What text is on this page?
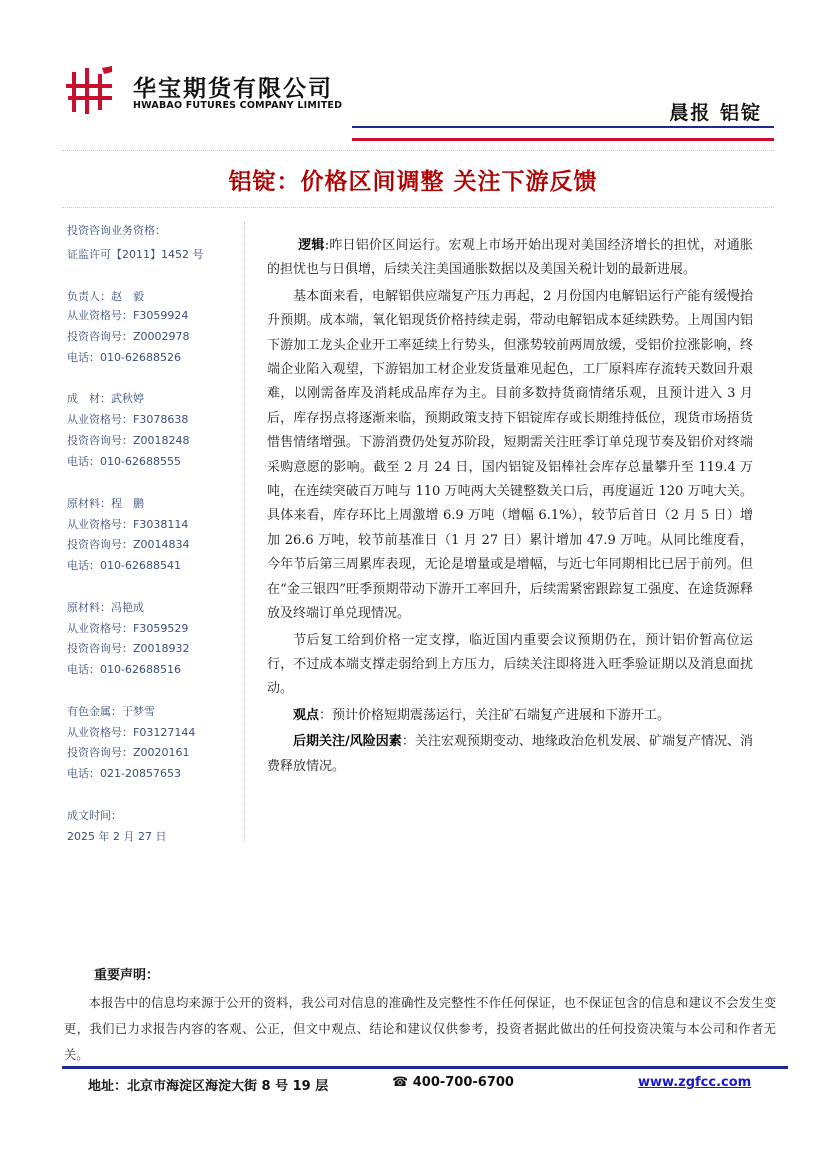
华宝期货有限公司
HWABAO FUTURES COMPANY LIMITED	晨报 铝锭
铝锭：价格区间调整 关注下游反馈
投资咨询业务资格：
证监许可【2011】1452 号
负责人：赵　毅
从业资格号：F3059924
投资咨询号：Z0002978
电话：010-62688526
成　材：武秋婷
从业资格号：F3078638
投资咨询号：Z0018248
电话：010-62688555
原材料：程　鹏
从业资格号：F3038114
投资咨询号：Z0014834
电话：010-62688541
原材料：冯艳成
从业资格号：F3059529
投资咨询号：Z0018932
电话：010-62688516
有色金属：于梦雪
从业资格号：F03127144
投资咨询号：Z0020161
电话：021-20857653
成文时间：
2025 年 2 月 27 日

逻辑:昨日铝价区间运行。宏观上市场开始出现对美国经济增长的担忧，对通胀的担忧也与日俱增，后续关注美国通胀数据以及美国关税计划的最新进展。

基本面来看，电解铝供应端复产压力再起，2 月份国内电解铝运行产能有缓慢抬升预期。成本端，氧化铝现货价格持续走弱，带动电解铝成本延续跌势。上周国内铝下游加工龙头企业开工率延续上行势头，但涨势较前两周放缓，受铝价拉涨影响，终端企业陷入观望，下游铝加工材企业发货量难见起色，工厂原料库存流转天数回升艰难，以刚需备库及消耗成品库存为主。目前多数持货商情绪乐观，且预计进入 3 月后，库存拐点将逐渐来临，预期政策支持下铝锭库存或长期维持低位，现货市场捂货惜售情绪增强。下游消费仍处复苏阶段，短期需关注旺季订单兑现节奏及铝价对终端采购意愿的影响。截至 2 月 24 日，国内铝锭及铝棒社会库存总量攀升至 119.4 万吨，在连续突破百万吨与 110 万吨两大关键整数关口后，再度逼近 120 万吨大关。具体来看，库存环比上周激增 6.9 万吨（增幅 6.1%），较节后首日（2 月 5 日）增加 26.6 万吨，较节前基准日（1 月 27 日）累计增加 47.9 万吨。从同比维度看，今年节后第三周累库表现，无论是增量或是增幅，与近七年同期相比已居于前列。但在“金三银四”旺季预期带动下游开工率回升，后续需紧密跟踪复工强度、在途货源释放及终端订单兑现情况。

节后复工给到价格一定支撑，临近国内重要会议预期仍在，预计铝价暂高位运行，不过成本端支撑走弱给到上方压力，后续关注即将进入旺季验证期以及消息面扰动。

观点：预计价格短期震荡运行，关注矿石端复产进展和下游开工。

后期关注/风险因素：关注宏观预期变动、地缘政治危机发展、矿端复产情况、消费释放情况。

重要声明：
本报告中的信息均来源于公开的资料，我公司对信息的准确性及完整性不作任何保证，也不保证包含的信息和建议不会发生变更，我们已力求报告内容的客观、公正，但文中观点、结论和建议仅供参考，投资者据此做出的任何投资决策与本公司和作者无关。
地址：北京市海淀区海淀大街 8 号 19 层	☎ 400-700-6700	www.zgfcc.com
